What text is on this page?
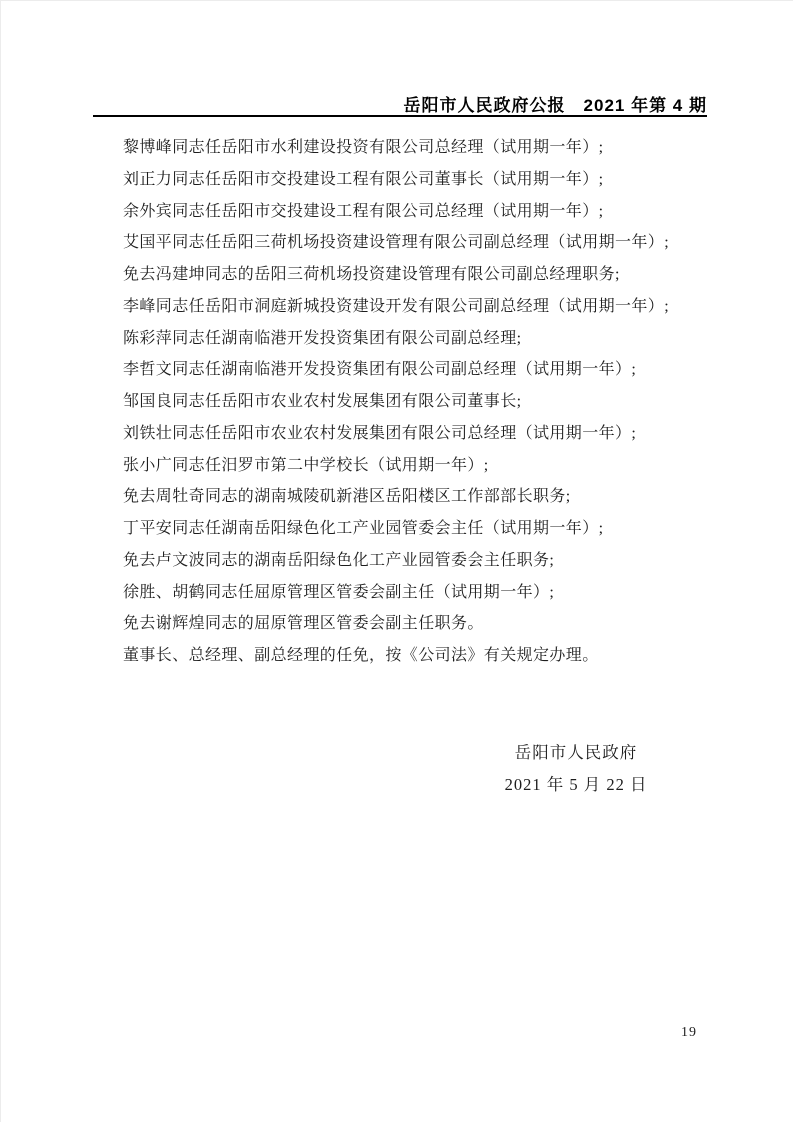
岳阳市人民政府公报　2021 年第 4 期

黎博峰同志任岳阳市水利建设投资有限公司总经理（试用期一年）;

刘正力同志任岳阳市交投建设工程有限公司董事长（试用期一年）;

余外宾同志任岳阳市交投建设工程有限公司总经理（试用期一年）;

艾国平同志任岳阳三荷机场投资建设管理有限公司副总经理（试用期一年）;

免去冯建坤同志的岳阳三荷机场投资建设管理有限公司副总经理职务;

李峰同志任岳阳市洞庭新城投资建设开发有限公司副总经理（试用期一年）;

陈彩萍同志任湖南临港开发投资集团有限公司副总经理;

李哲文同志任湖南临港开发投资集团有限公司副总经理（试用期一年）;

邹国良同志任岳阳市农业农村发展集团有限公司董事长;

刘铁壮同志任岳阳市农业农村发展集团有限公司总经理（试用期一年）;

张小广同志任汨罗市第二中学校长（试用期一年）;

免去周牡奇同志的湖南城陵矶新港区岳阳楼区工作部部长职务;

丁平安同志任湖南岳阳绿色化工产业园管委会主任（试用期一年）;

免去卢文波同志的湖南岳阳绿色化工产业园管委会主任职务;

徐胜、胡鹤同志任屈原管理区管委会副主任（试用期一年）;

免去谢辉煌同志的屈原管理区管委会副主任职务。

董事长、总经理、副总经理的任免，按《公司法》有关规定办理。

岳阳市人民政府
2021 年 5 月 22 日
19
